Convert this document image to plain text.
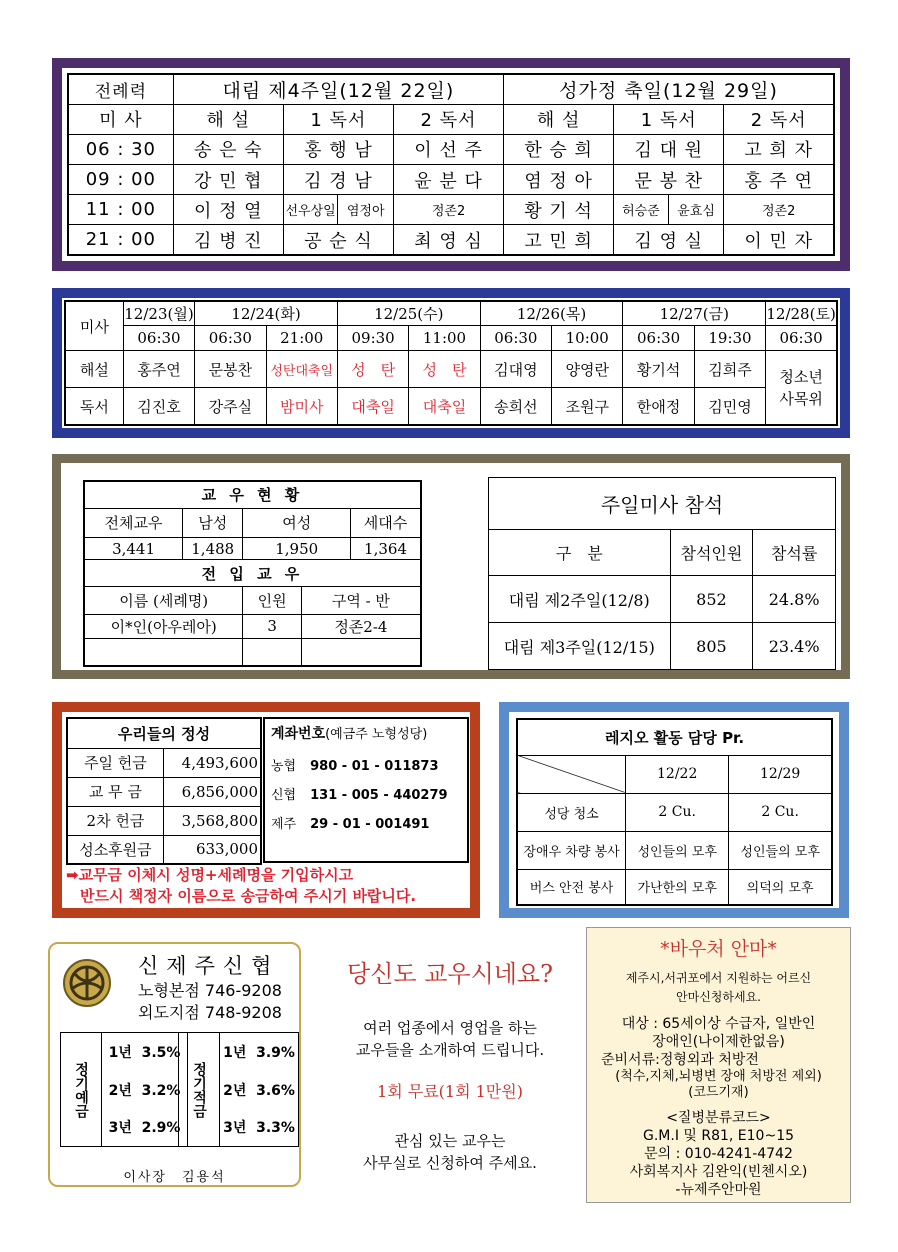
전례력	대림 제4주일(12월 22일)				성가정 축일(12월 29일)			
미 사	해 설	1 독서		2 독서	해 설	1 독서		2 독서
06 : 30	송 은 숙	홍 행 남		이 선 주	한 승 희	김 대 원		고 희 자
09 : 00	강 민 협	김 경 남		윤 분 다	염 정 아	문 봉 찬		홍 주 연
11 : 00	이 정 열	선우상일	염정아	정존2	황 기 석	허승준	윤효심	정존2
21 : 00	김 병 진	공 순 식		최 영 심	고 민 희	김 영 실		이 민 자
미사	12/23(월)	12/24(화)		12/25(수)		12/26(목)		12/27(금)		12/28(토)
	06:30	06:30	21:00	09:30	11:00	06:30	10:00	06:30	19:30	06:30
해설	홍주연	문봉찬	성탄대축일	성　탄	성　탄	김대영	양영란	황기석	김희주	청소년
사목위

독서	김진호	강주실	밤미사	대축일	대축일	송희선	조원구	한애정	김민영	
교 우 현 황				
전체교우	남성	여성		세대수
3,441	1,488	1,950		1,364
전 입 교 우				
이름 (세례명)		인원	구역 - 반	
이*인(아우레아)		3	정존2-4	

주일미사 참석		
구　분	참석인원	참석률
대림 제2주일(12/8)	852	24.8%
대림 제3주일(12/15)	805	23.4%
우리들의 정성	
주일 헌금	4,493,600
교 무 금	6,856,000
2차 헌금	3,568,800
성소후원금	633,000
계좌번호(예금주 노형성당)
농협 980 - 01 - 011873
신협 131 - 005 - 440279
제주 29 - 01 - 001491
➡교무금 이체시 성명+세례명을 기입하시고
반드시 책정자 이름으로 송금하여 주시기 바랍니다.
레지오 활동 담당 Pr.		
	12/22	12/29
성당 청소	2 Cu.	2 Cu.
장애우 차량 봉사	성인들의 모후	성인들의 모후
버스 안전 봉사	가난한의 모후	의덕의 모후
신제주신협
노형본점 746-9208
외도지점 748-9208
정기예금	1년 3.5%
2년 3.2%
3년 2.9%
정기적금	1년 3.9%
2년 3.6%
3년 3.3%
이사장　김용석
당신도 교우시네요?
여러 업종에서 영업을 하는
교우들을 소개하여 드립니다.
1회 무료(1회 1만원)
관심 있는 교우는
사무실로 신청하여 주세요.
*바우처 안마*
제주시,서귀포에서 지원하는 어르신
안마신청하세요.
대상 : 65세이상 수급자, 일반인
장애인(나이제한없음)
준비서류:정형외과 처방전
(척수,지체,뇌병변 장애 처방전 제외)
(코드기재)
<질병분류코드>
G.M.I 및 R81, E10~15
문의 : 010-4241-4742
사회복지사 김완익(빈첸시오)
-뉴제주안마원
